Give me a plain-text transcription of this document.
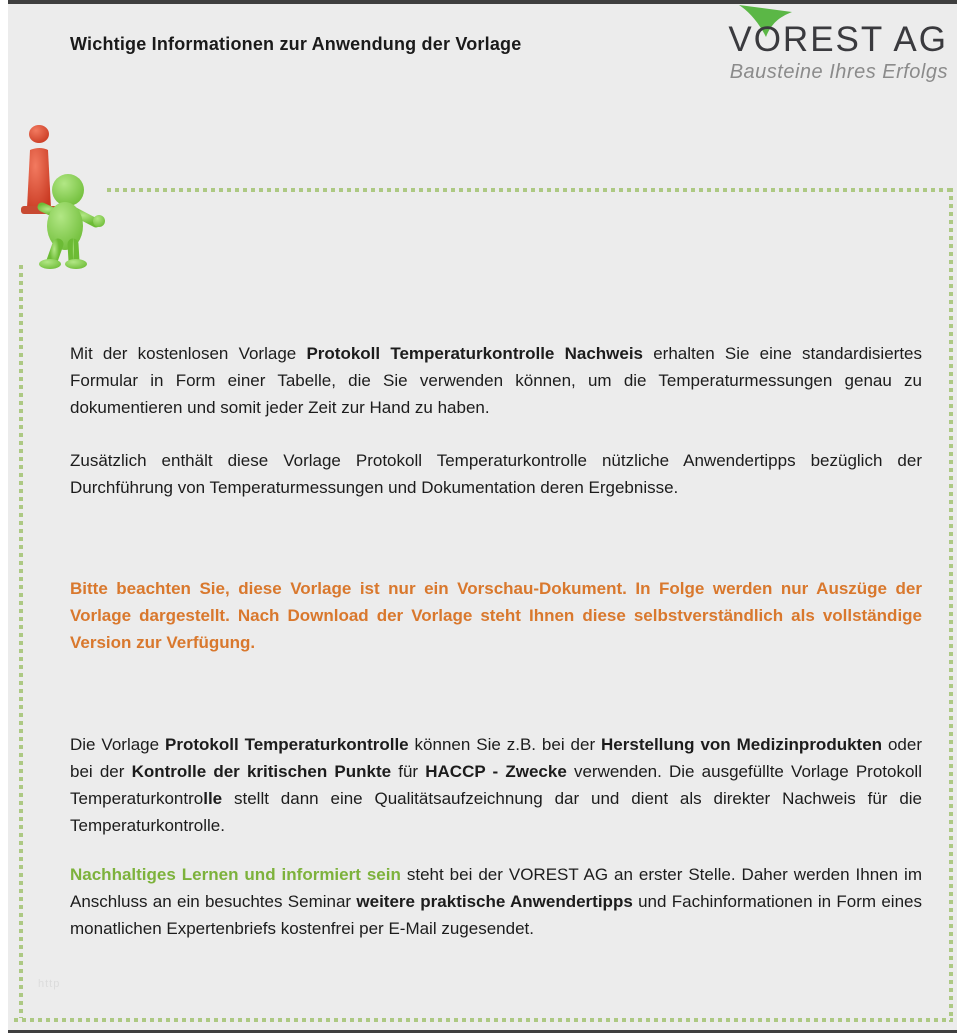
Wichtige Informationen zur Anwendung der Vorlage	VOREST AG
Bausteine Ihres Erfolgs

Mit der kostenlosen Vorlage Protokoll Temperaturkontrolle Nachweis erhalten Sie eine standardisiertes Formular in Form einer Tabelle, die Sie verwenden können, um die Temperaturmessungen genau zu dokumentieren und somit jeder Zeit zur Hand zu haben.

Zusätzlich enthält diese Vorlage Protokoll Temperaturkontrolle nützliche Anwendertipps bezüglich der Durchführung von Temperaturmessungen und Dokumentation deren Ergebnisse.

Bitte beachten Sie, diese Vorlage ist nur ein Vorschau-Dokument. In Folge werden nur Auszüge der Vorlage dargestellt. Nach Download der Vorlage steht Ihnen diese selbstverständlich als vollständige Version zur Verfügung.

Die Vorlage Protokoll Temperaturkontrolle können Sie z.B. bei der Herstellung von Medizinprodukten oder bei der Kontrolle der kritischen Punkte für HACCP - Zwecke verwenden. Die ausgefüllte Vorlage Protokoll Temperaturkontrolle stellt dann eine Qualitätsaufzeichnung dar und dient als direkter Nachweis für die Temperaturkontrolle.

Nachhaltiges Lernen und informiert sein steht bei der VOREST AG an erster Stelle. Daher werden Ihnen im Anschluss an ein besuchtes Seminar weitere praktische Anwendertipps und Fachinformationen in Form eines monatlichen Expertenbriefs kostenfrei per E-Mail zugesendet.

http
